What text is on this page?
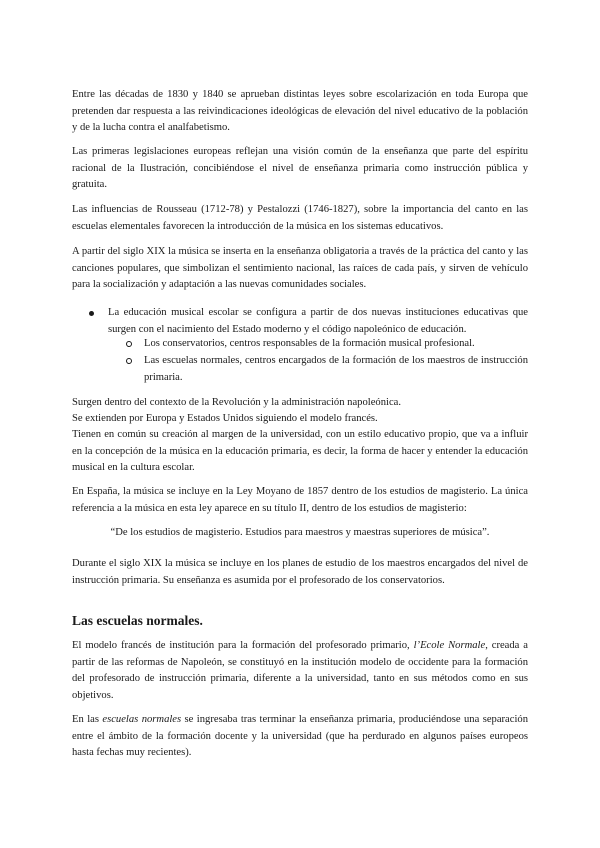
Entre las décadas de 1830 y 1840 se aprueban distintas leyes sobre escolarización en toda Europa que pretenden dar respuesta a las reivindicaciones ideológicas de elevación del nivel educativo de la población y de la lucha contra el analfabetismo.

Las primeras legislaciones europeas reflejan una visión común de la enseñanza que parte del espíritu racional de la Ilustración, concibiéndose el nivel de enseñanza primaria como instrucción pública y gratuita.

Las influencias de Rousseau (1712-78) y Pestalozzi (1746-1827), sobre la importancia del canto en las escuelas elementales favorecen la introducción de la música en los sistemas educativos.

A partir del siglo XIX la música se inserta en la enseñanza obligatoria a través de la práctica del canto y las canciones populares, que simbolizan el sentimiento nacional, las raíces de cada país, y sirven de vehículo para la socialización y adaptación a las nuevas comunidades sociales.

La educación musical escolar se configura a partir de dos nuevas instituciones educativas que surgen con el nacimiento del Estado moderno y el código napoleónico de educación.
Los conservatorios, centros responsables de la formación musical profesional.
Las escuelas normales, centros encargados de la formación de los maestros de instrucción primaria.

Surgen dentro del contexto de la Revolución y la administración napoleónica.

Se extienden por Europa y Estados Unidos siguiendo el modelo francés.

Tienen en común su creación al margen de la universidad, con un estilo educativo propio, que va a influir en la concepción de la música en la educación primaria, es decir, la forma de hacer y entender la educación musical en la cultura escolar.

En España, la música se incluye en la Ley Moyano de 1857 dentro de los estudios de magisterio. La única referencia a la música en esta ley aparece en su título II, dentro de los estudios de magisterio:

“De los estudios de magisterio. Estudios para maestros y maestras superiores de música”.

Durante el siglo XIX la música se incluye en los planes de estudio de los maestros encargados del nivel de instrucción primaria. Su enseñanza es asumida por el profesorado de los conservatorios.

Las escuelas normales.

El modelo francés de institución para la formación del profesorado primario, l’Ecole Normale, creada a partir de las reformas de Napoleón, se constituyó en la institución modelo de occidente para la formación del profesorado de instrucción primaria, diferente a la universidad, tanto en sus métodos como en sus objetivos.

En las escuelas normales se ingresaba tras terminar la enseñanza primaria, produciéndose una separación entre el ámbito de la formación docente y la universidad (que ha perdurado en algunos países europeos hasta fechas muy recientes).
